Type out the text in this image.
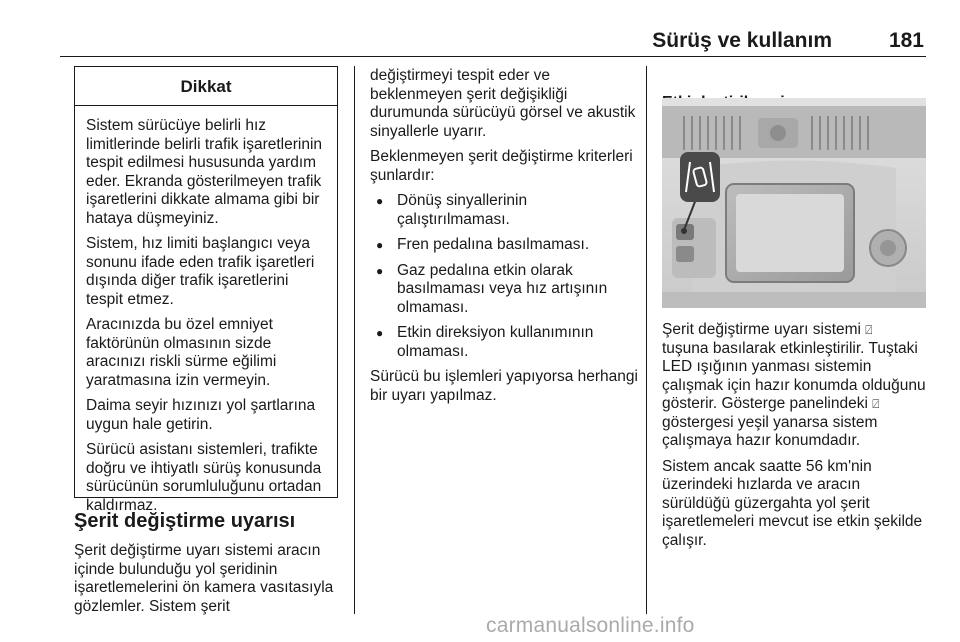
Sürüş ve kullanım	181
Dikkat

Sistem sürücüye belirli hız limitlerinde belirli trafik işaretlerinin tespit edilmesi hususunda yardım eder. Ekranda gösterilmeyen trafik işaretlerini dikkate almama gibi bir hataya düşmeyiniz.

Sistem, hız limiti başlangıcı veya sonunu ifade eden trafik işaretleri dışında diğer trafik işaretlerini tespit etmez.

Aracınızda bu özel emniyet faktörünün olmasının sizde aracınızı riskli sürme eğilimi yaratmasına izin vermeyin.

Daima seyir hızınızı yol şartlarına uygun hale getirin.

Sürücü asistanı sistemleri, trafikte doğru ve ihtiyatlı sürüş konusunda sürücünün sorumluluğunu ortadan kaldırmaz.

Şerit değiştirme uyarısı

Şerit değiştirme uyarı sistemi aracın içinde bulunduğu yol şeridinin işaretlemelerini ön kamera vasıtasıyla gözlemler. Sistem şerit

değiştirmeyi tespit eder ve beklenmeyen şerit değişikliği durumunda sürücüyü görsel ve akustik sinyallerle uyarır.

Beklenmeyen şerit değiştirme kriterleri şunlardır:

● Dönüş sinyallerinin çalıştırılmaması.
● Fren pedalına basılmaması.
● Gaz pedalına etkin olarak basılmaması veya hız artışının olmaması.
● Etkin direksiyon kullanımının olmaması.

Sürücü bu işlemleri yapıyorsa herhangi bir uyarı yapılmaz.

Şerit değiştirme uyarı sistemi ⍁
tuşuna basılarak etkinleştirilir. Tuştaki LED ışığının yanması sistemin çalışmak için hazır konumda olduğunu gösterir. Gösterge panelindeki ⍁ göstergesi yeşil yanarsa sistem çalışmaya hazır konumdadır.

Sistem ancak saatte 56 km'nin üzerindeki hızlarda ve aracın sürüldüğü güzergahta yol şerit işaretlemeleri mevcut ise etkin şekilde çalışır.

carmanualsonline.info
